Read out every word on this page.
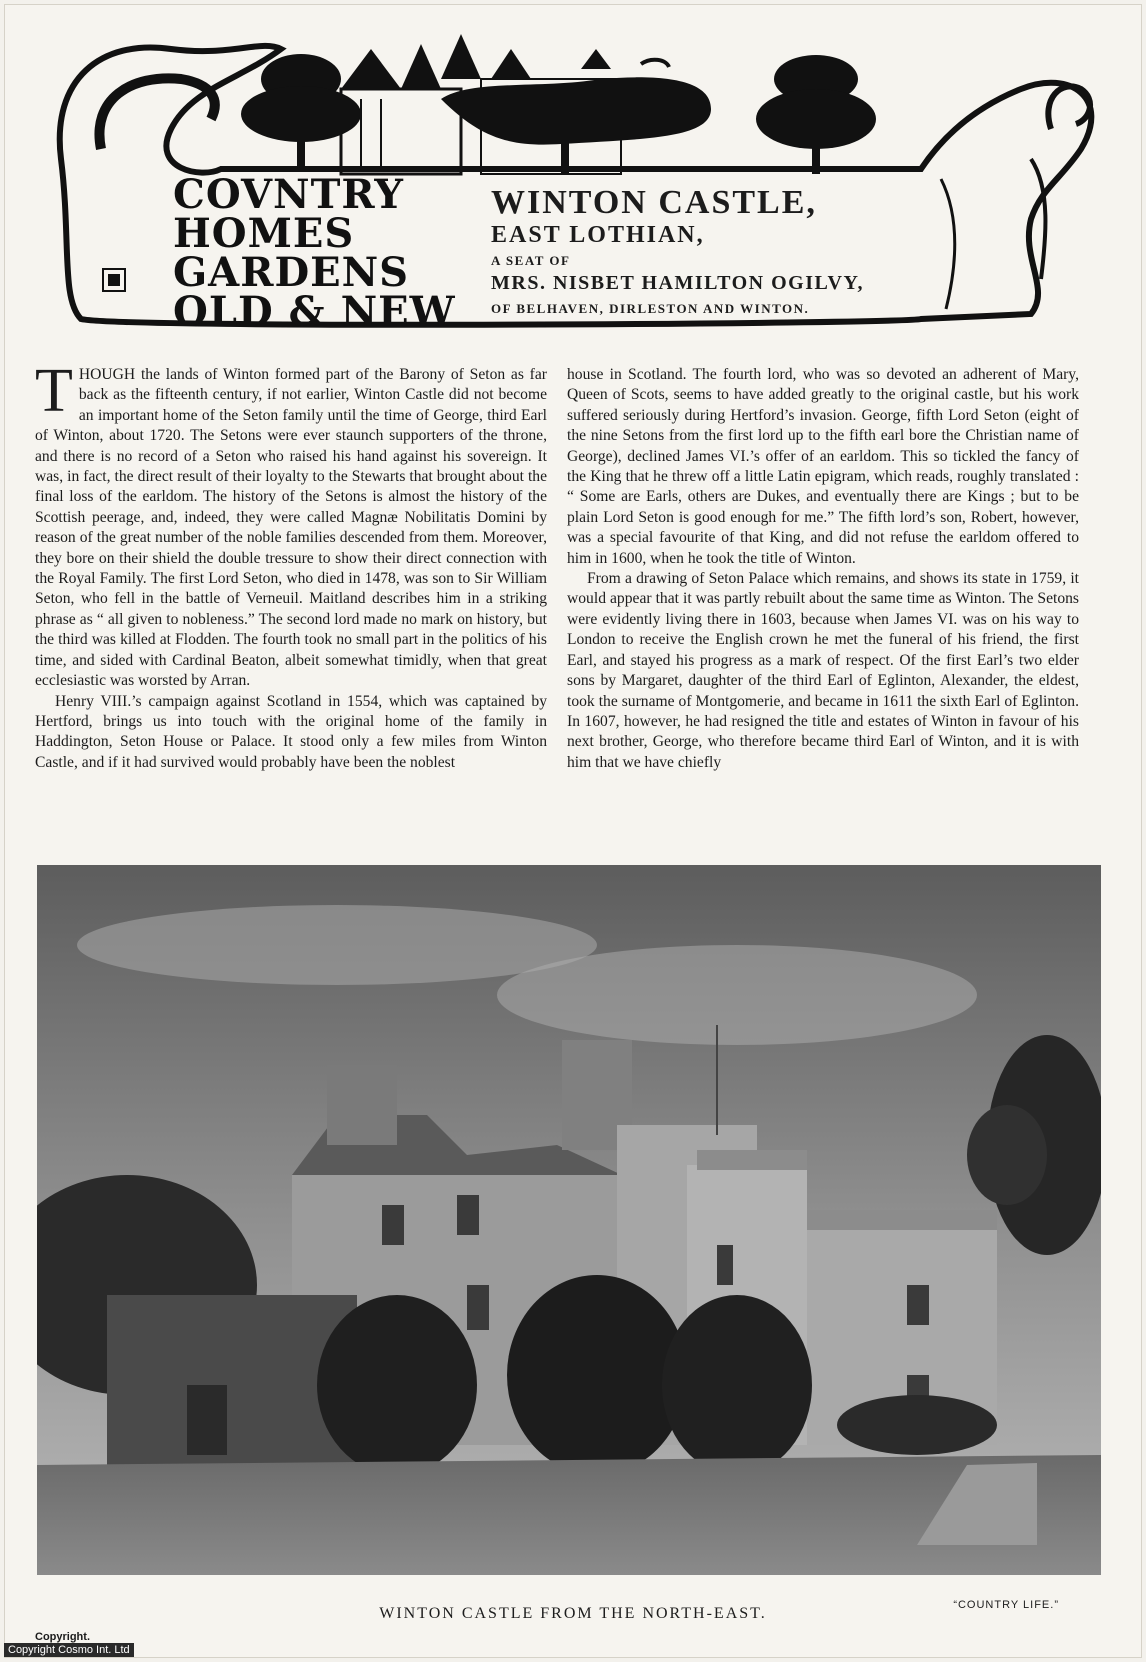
COVNTRY
HOMES
GARDENS
OLD & NEW
WINTON CASTLE,
EAST LOTHIAN,
A SEAT OF
MRS. NISBET HAMILTON OGILVY,
OF BELHAVEN, DIRLESTON AND WINTON.

THOUGH the lands of Winton formed part of the Barony of Seton as far back as the fifteenth century, if not earlier, Winton Castle did not become an important home of the Seton family until the time of George, third Earl of Winton, about 1720. The Setons were ever staunch supporters of the throne, and there is no record of a Seton who raised his hand against his sovereign. It was, in fact, the direct result of their loyalty to the Stewarts that brought about the final loss of the earldom. The history of the Setons is almost the history of the Scottish peerage, and, indeed, they were called Magnæ Nobilitatis Domini by reason of the great number of the noble families descended from them. Moreover, they bore on their shield the double tressure to show their direct connection with the Royal Family. The first Lord Seton, who died in 1478, was son to Sir William Seton, who fell in the battle of Verneuil. Maitland describes him in a striking phrase as “ all given to nobleness.” The second lord made no mark on history, but the third was killed at Flodden. The fourth took no small part in the politics of his time, and sided with Cardinal Beaton, albeit somewhat timidly, when that great ecclesiastic was worsted by Arran.

Henry VIII.’s campaign against Scotland in 1554, which was captained by Hertford, brings us into touch with the original home of the family in Haddington, Seton House or Palace. It stood only a few miles from Winton Castle, and if it had survived would probably have been the noblest

house in Scotland. The fourth lord, who was so devoted an adherent of Mary, Queen of Scots, seems to have added greatly to the original castle, but his work suffered seriously during Hertford’s invasion. George, fifth Lord Seton (eight of the nine Setons from the first lord up to the fifth earl bore the Christian name of George), declined James VI.’s offer of an earldom. This so tickled the fancy of the King that he threw off a little Latin epigram, which reads, roughly translated : “ Some are Earls, others are Dukes, and eventually there are Kings ; but to be plain Lord Seton is good enough for me.” The fifth lord’s son, Robert, however, was a special favourite of that King, and did not refuse the earldom offered to him in 1600, when he took the title of Winton.

From a drawing of Seton Palace which remains, and shows its state in 1759, it would appear that it was partly rebuilt about the same time as Winton. The Setons were evidently living there in 1603, because when James VI. was on his way to London to receive the English crown he met the funeral of his friend, the first Earl, and stayed his progress as a mark of respect. Of the first Earl’s two elder sons by Margaret, daughter of the third Earl of Eglinton, Alexander, the eldest, took the surname of Montgomerie, and became in 1611 the sixth Earl of Eglinton. In 1607, however, he had resigned the title and estates of Winton in favour of his next brother, George, who therefore became third Earl of Winton, and it is with him that we have chiefly

WINTON CASTLE FROM THE NORTH-EAST.	“COUNTRY LIFE.”
Copyright.
Copyright Cosmo Int. Ltd
